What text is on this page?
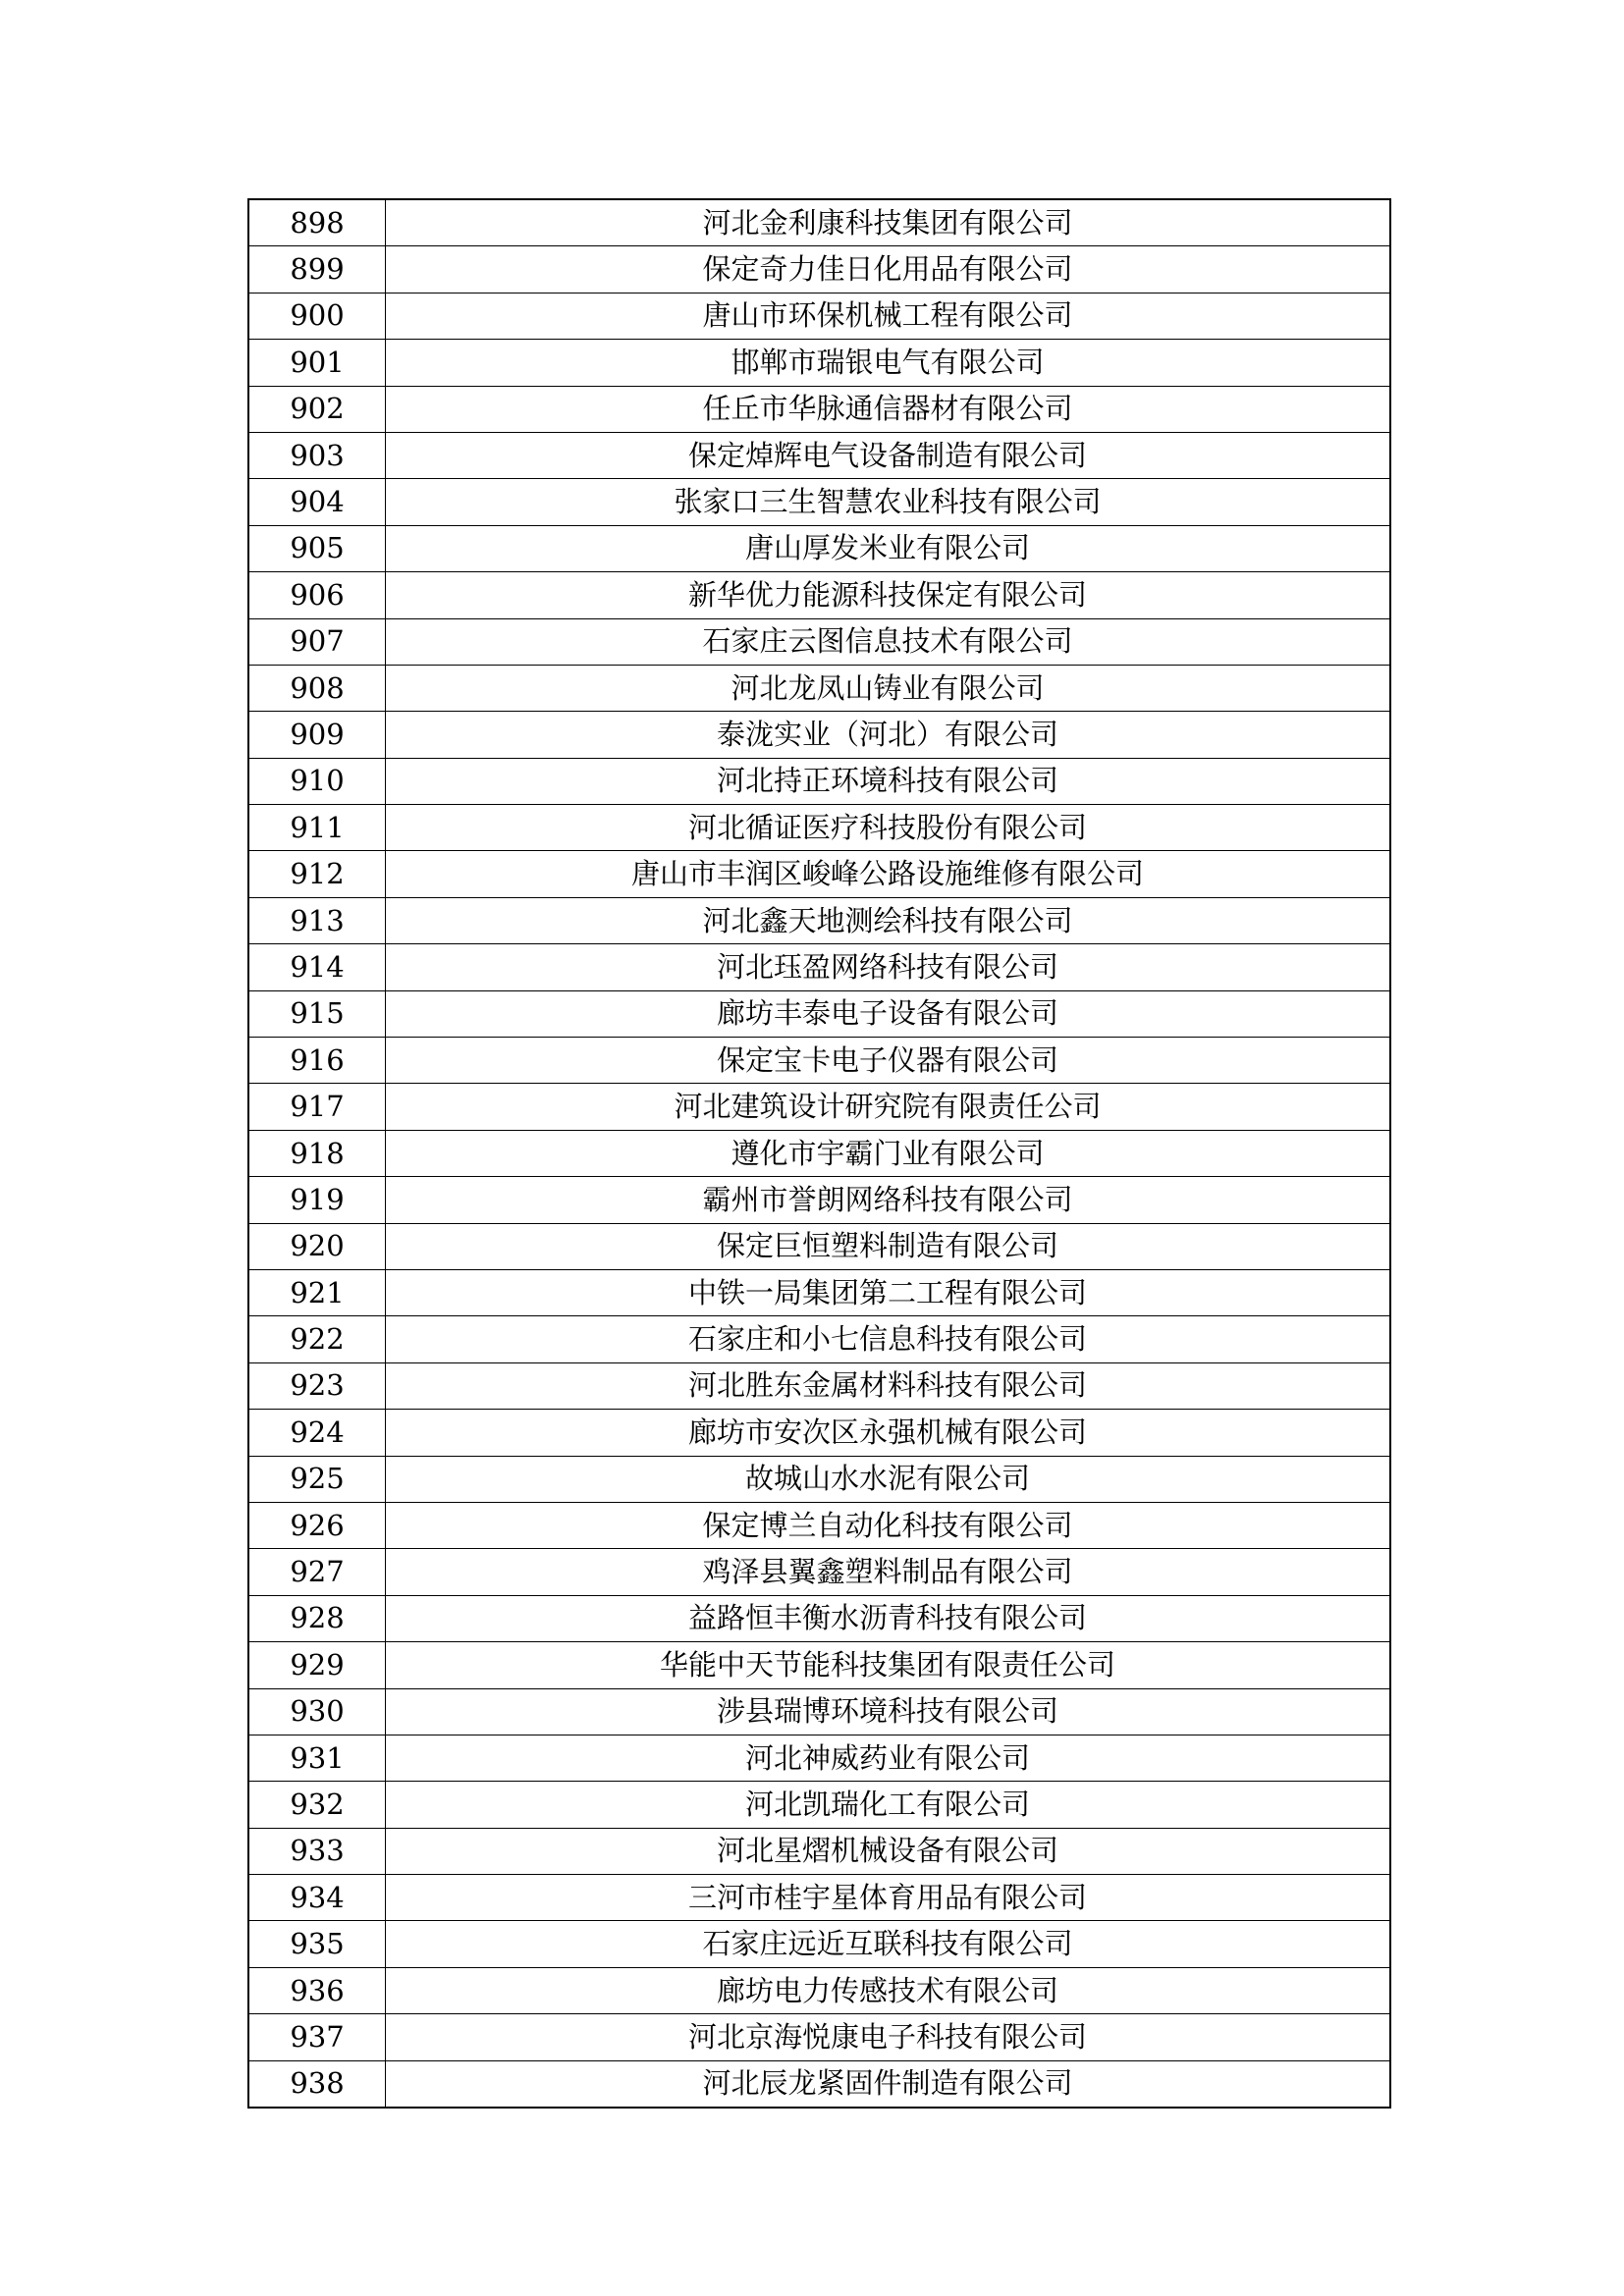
898	河北金利康科技集团有限公司
899	保定奇力佳日化用品有限公司
900	唐山市环保机械工程有限公司
901	邯郸市瑞银电气有限公司
902	任丘市华脉通信器材有限公司
903	保定焯辉电气设备制造有限公司
904	张家口三生智慧农业科技有限公司
905	唐山厚发米业有限公司
906	新华优力能源科技保定有限公司
907	石家庄云图信息技术有限公司
908	河北龙凤山铸业有限公司
909	泰泷实业（河北）有限公司
910	河北持正环境科技有限公司
911	河北循证医疗科技股份有限公司
912	唐山市丰润区峻峰公路设施维修有限公司
913	河北鑫天地测绘科技有限公司
914	河北珏盈网络科技有限公司
915	廊坊丰泰电子设备有限公司
916	保定宝卡电子仪器有限公司
917	河北建筑设计研究院有限责任公司
918	遵化市宇霸门业有限公司
919	霸州市誉朗网络科技有限公司
920	保定巨恒塑料制造有限公司
921	中铁一局集团第二工程有限公司
922	石家庄和小七信息科技有限公司
923	河北胜东金属材料科技有限公司
924	廊坊市安次区永强机械有限公司
925	故城山水水泥有限公司
926	保定博兰自动化科技有限公司
927	鸡泽县翼鑫塑料制品有限公司
928	益路恒丰衡水沥青科技有限公司
929	华能中天节能科技集团有限责任公司
930	涉县瑞博环境科技有限公司
931	河北神威药业有限公司
932	河北凯瑞化工有限公司
933	河北星熠机械设备有限公司
934	三河市桂宇星体育用品有限公司
935	石家庄远近互联科技有限公司
936	廊坊电力传感技术有限公司
937	河北京海悦康电子科技有限公司
938	河北辰龙紧固件制造有限公司
